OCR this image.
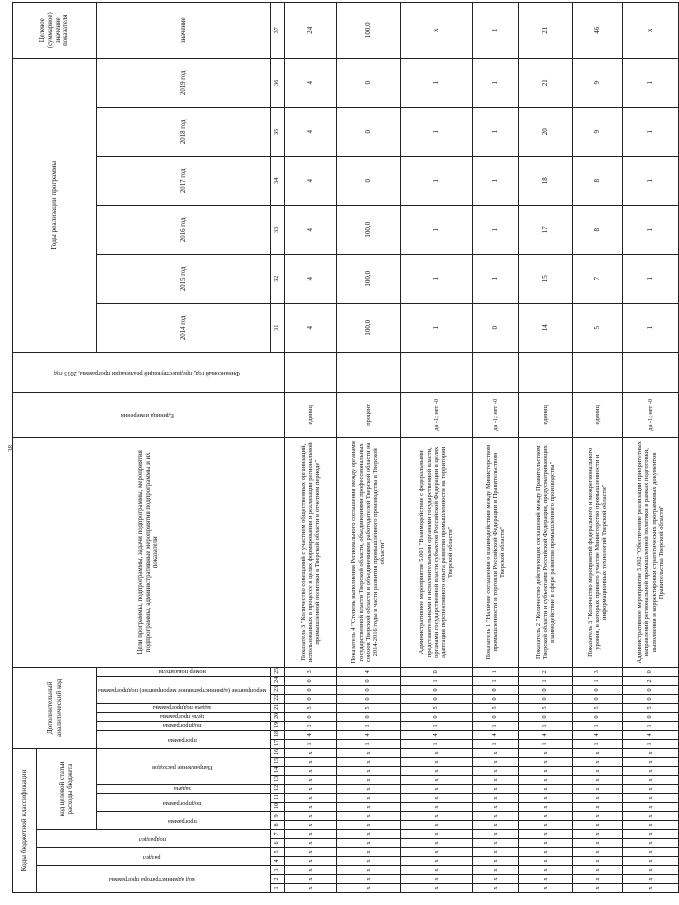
38
Коды бюджетной классификации																Дополнительный аналитический код									Цели программы, подпрограммы, задачи подпрограммы, мероприятия подпрограммы, административные мероприятия подпрограммы и их показатели	Единица измерения	Финансовый год, предшествующий реализации программы, 2013 год	Годы реализации программы						Целевое (суммарное) значение показателя
код администратора программы			раздел		подраздел		код целевой статьи расходы бюджета																											
							программа		подпрограмма		задача	Направление расходов				программа		подпрограмма	цель программы	задача подпрограммы	мероприятие (административное мероприятие) подпрограммы			номер показателя				2014 год	2015 год	2016 год	2017 год	2018 год	2019 год	значение
1	2	3	4	5	6	7	8	9	10	11	12	13	14	15	16	17	18	19	20	21	22	23	24	25				31	32	33	34	35	36	37
х	х	х	х	х	х	х	х	х	х	х	х	х	х	х	х	1	4	1	0	5	0	0	0	3	Показатель 3 "Количество совещаний с участием общественных организаций, использованных в процессе в целях формирования и реализации региональной промышленной политики в Тверской области в отчетном периоде"	единиц		4	4	4	4	4	4	24
х	х	х	х	х	х	х	х	х	х	х	х	х	х	х	х	1	4	1	0	5	0	0	0	4	Показатель 4 "Степень выполнения Регионального соглашения между органами государственной власти Тверской области, объединениями профессиональных союзов Тверской области и объединениями работодателей Тверской области на 2014-2016 годы в части развития промышленного производства в Тверской области"	процент		100,0	100,0	100,0	0	0	0	100,0
х	х	х	х	х	х	х	х	х	х	х	х	х	х	х	х	1	4	1	0	5	0	0	1	0	Административное мероприятие 5.001 "Взаимодействие с федеральными представительными и исполнительными органами государственной власти, органами государственной власти субъектов Российской Федерации в целях адаптации перспективного опыта развития промышленности на территории Тверской области"	да -1; нет -0		1	1	1	1	1	1	х
х	х	х	х	х	х	х	х	х	х	х	х	х	х	х	х	1	4	1	0	5	0	0	1	1	Показатель 1 "Наличие соглашения о взаимодействии между Министерством промышленности и торговли Российской Федерации и Правительством Тверской области"	да -1; нет -0		0	1	1	1	1	1	1
х	х	х	х	х	х	х	х	х	х	х	х	х	х	х	х	1	4	1	0	5	0	0	1	2	Показатель 2 "Количество действующих соглашений между Правительством Тверской области и субъектами Российской Федерации, предусматривающих взаимодействие в сфере развития промышленного производства"	единиц		14	15	17	18	20	21	21
х	х	х	х	х	х	х	х	х	х	х	х	х	х	х	х	1	4	1	0	5	0	0	1	3	Показатель 3 "Количество мероприятий федерального и межрегионального уровня, в которых принято участие Министерство промышленности и информационных технологий Тверской области"	единиц		5	7	8	8	9	9	46
х	х	х	х	х	х	х	х	х	х	х	х	х	х	х	х	1	4	1	0	5	0	0	2	0	Административное мероприятие 5.002 "Обеспечение реализации приоритетных направлений региональной промышленной политики в рамках подготовки, выполнения и корректировки стратегических программных документов Правительства Тверской области"	да -1; нет -0		1	1	1	1	1	1	х
